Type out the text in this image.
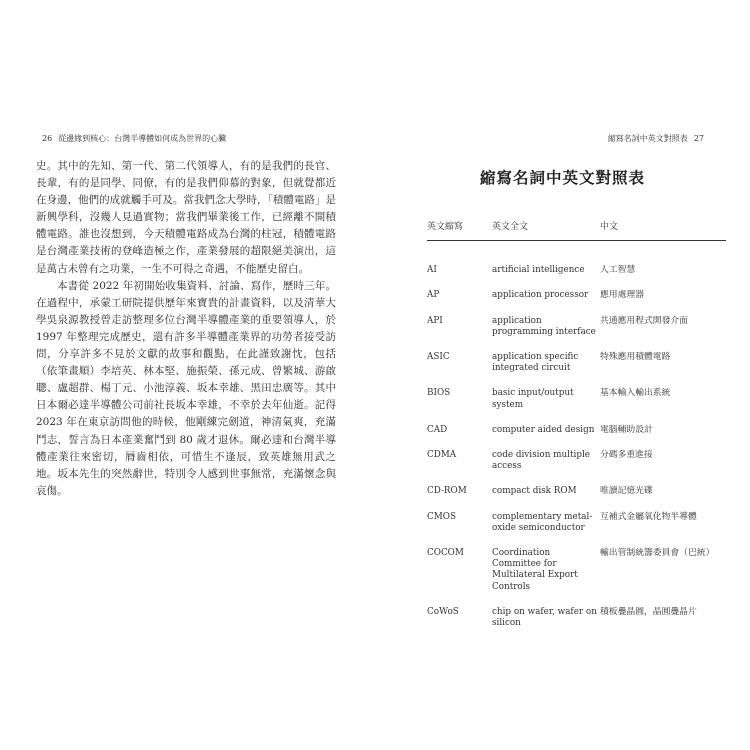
26 從邊緣到核心：台灣半導體如何成為世界的心臟

史。其中的先知、第一代、第二代領導人，有的是我們的長官、長輩，有的是同學、同僚，有的是我們仰慕的對象，但就覺都近在身邊，他們的成就觸手可及。當我們念大學時，「積體電路」是新興學科，沒幾人見過實物；當我們畢業後工作，已經離不開積體電路。誰也沒想到，今天積體電路成為台灣的柱冠，積體電路是台灣產業技術的登峰造極之作，產業發展的超限絕美演出，這是萬古未曾有之功業，一生不可得之奇遇，不能歷史留白。

本書從 2022 年初開始收集資料、討論、寫作，歷時三年。在過程中，承蒙工研院提供歷年來寶貴的計畫資料，以及清華大學吳泉源教授曾走訪整理多位台灣半導體產業的重要領導人，於 1997 年整理完成歷史，還有許多半導體產業界的功勞者接受訪問，分享許多不見於文獻的故事和觀點，在此謹致謝忱，包括（依筆畫順）李培英、林本堅、施振榮、孫元成、曾繁城、游啟聰、盧超群、楊丁元、小池淳義、坂本幸雄、黑田忠廣等。其中日本爾必達半導體公司前社長坂本幸雄，不幸於去年仙逝。記得 2023 年在東京訪問他的時候，他剛練完劍道，神清氣爽，充滿鬥志，誓言為日本產業奮鬥到 80 歲才退休。爾必達和台灣半導體產業往來密切，脣齒相依，可惜生不逢辰，致英雄無用武之地。坂本先生的突然辭世，特別令人感到世事無常，充滿懷念與哀傷。

縮寫名詞中英文對照表 27
縮寫名詞中英文對照表
英文縮寫	英文全文	中文

AI	artificial intelligence	人工智慧
AP	application processor	應用處理器
API	application programming interface	共通應用程式開發介面
ASIC	application specific integrated circuit	特殊應用積體電路
BIOS	basic input/output system	基本輸入輸出系統
CAD	computer aided design	電腦輔助設計
CDMA	code division multiple access	分碼多重進接
CD-ROM	compact disk ROM	唯讀記憶光碟
CMOS	complementary metal-oxide semiconductor	互補式金屬氧化物半導體
COCOM	Coordination Committee for Multilateral Export Controls	輸出管制統籌委員會（巴統）
CoWoS	chip on wafer, wafer on silicon	積板疊晶圓，晶圓疊晶片
